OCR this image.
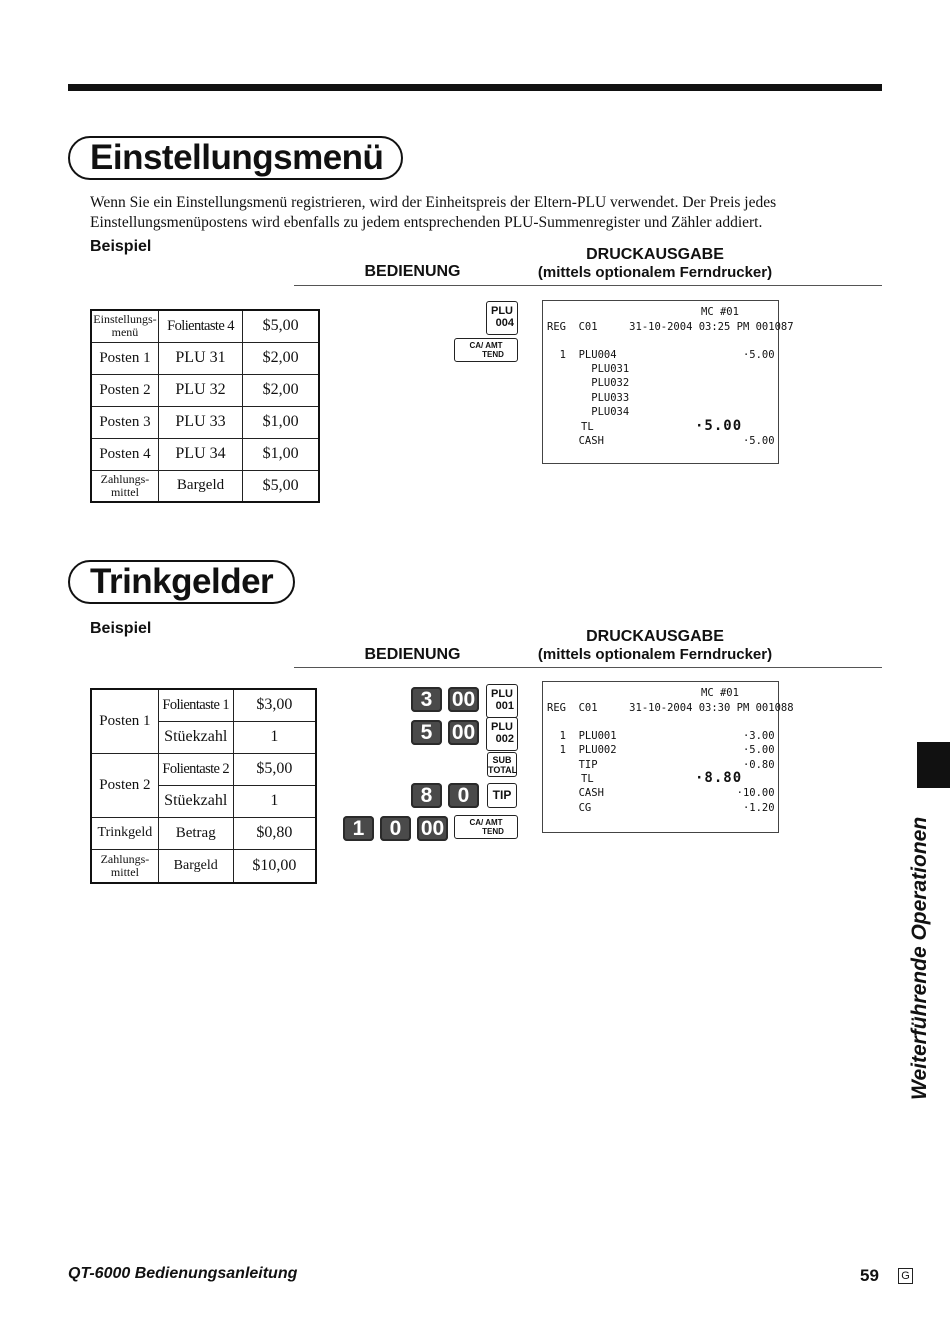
Einstellungsmenü
Wenn Sie ein Einstellungsmenü registrieren, wird der Einheitspreis der Eltern-PLU verwendet. Der Preis jedes
Einstellungsmenüpostens wird ebenfalls zu jedem entsprechenden PLU-Summenregister und Zähler addiert.
Beispiel	DRUCKAUSGABE
BEDIENUNG	(mittels optionalem Ferndrucker)
Einstellungs-
menü	Folientaste 4	$5,00
Posten 1	PLU 31	$2,00
Posten 2	PLU 32	$2,00
Posten 3	PLU 33	$1,00
Posten 4	PLU 34	$1,00
Zahlungs-
mittel	Bargeld	$5,00
PLU
004
CA/ AMT
TEND
MC #01
REG  C01     31-10-2004 03:25 PM 001087
1  PLU004                    ·5.00
PLU031
PLU032
PLU033
PLU034
TL	·5.00
CASH                      ·5.00
Trinkgelder
Beispiel	DRUCKAUSGABE
BEDIENUNG	(mittels optionalem Ferndrucker)
Posten 1	Folientaste 1	$3,00
	Stüekzahl	1
Posten 2	Folientaste 2	$5,00
	Stüekzahl	1
Trinkgeld	Betrag	$0,80
Zahlungs-
mittel	Bargeld	$10,00
3 00	PLU
001
5 00	PLU
002
SUB
TOTAL
8	0	TIP
1	0 00	CA/ AMT
TEND
MC #01
REG  C01     31-10-2004 03:30 PM 001088
1  PLU001                    ·3.00
1  PLU002                    ·5.00
TIP                       ·0.80
TL	·8.80
CASH                     ·10.00
CG                        ·1.20
Weiterführende Operationen
QT-6000 Bedienungsanleitung	59 G
